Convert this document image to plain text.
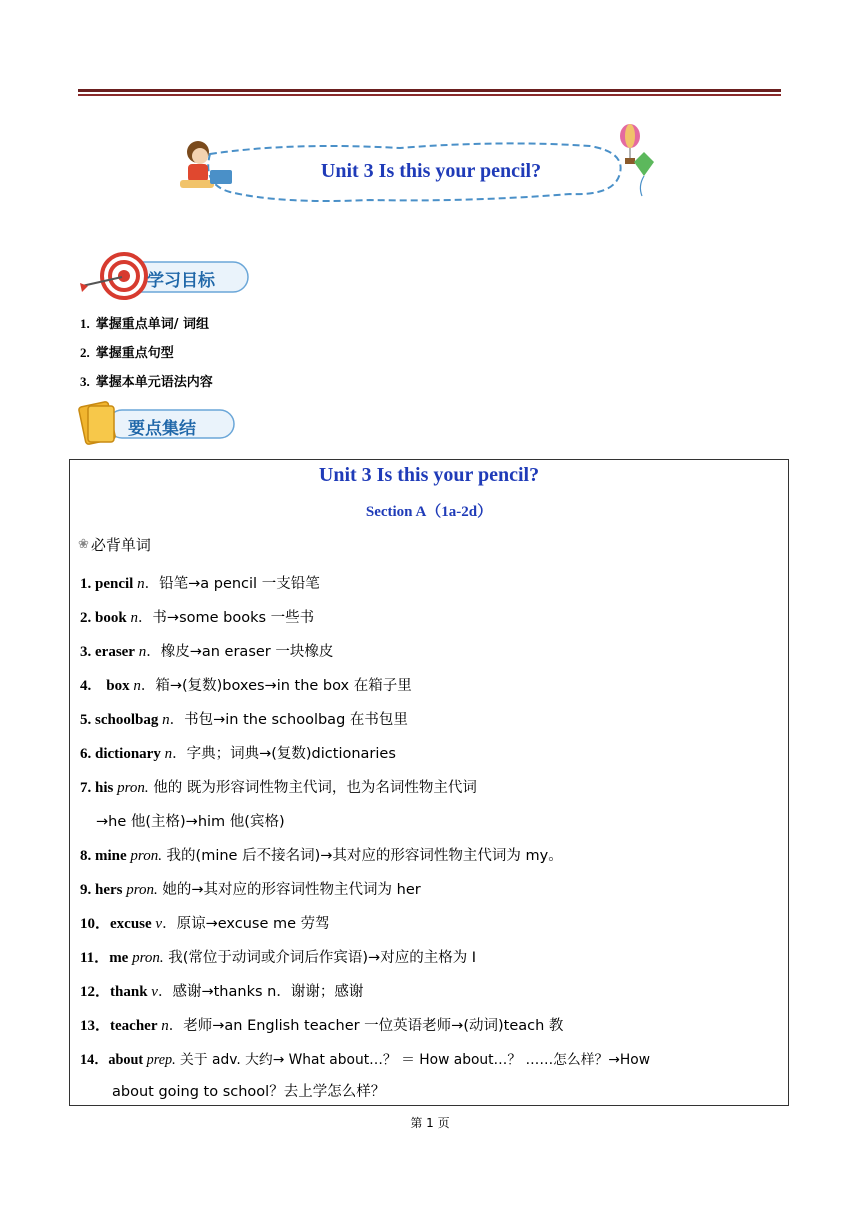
Unit 3 Is this your pencil?
学习目标
1. 掌握重点单词/ 词组
2. 掌握重点句型
3. 掌握本单元语法内容
要点集结
Unit 3 Is this your pencil?
Section A（1a-2d）
❀ 必背单词
1. pencil n．铅笔→a pencil 一支铅笔
2. book n．书→some books 一些书
3. eraser n．橡皮→an eraser 一块橡皮
4.    box n．箱→(复数)boxes→in the box 在箱子里
5. schoolbag n．书包→in the schoolbag 在书包里
6. dictionary n．字典；词典→(复数)dictionaries
7. his pron. 他的 既为形容词性物主代词，也为名词性物主代词
→he 他(主格)→him 他(宾格)
8. mine pron. 我的(mine 后不接名词)→其对应的形容词性物主代词为 my。
9. hers pron. 她的→其对应的形容词性物主代词为 her
10．excuse v．原谅→excuse me 劳驾
11．me pron. 我(常位于动词或介词后作宾语)→对应的主格为 I
12．thank v．感谢→thanks n．谢谢；感谢
13．teacher n．老师→an English teacher 一位英语老师→(动词)teach 教
14．about prep. 关于 adv. 大约→ What about…？ ＝ How about…？ ……怎么样？→How
about going to school？去上学怎么样？
第 1 页
